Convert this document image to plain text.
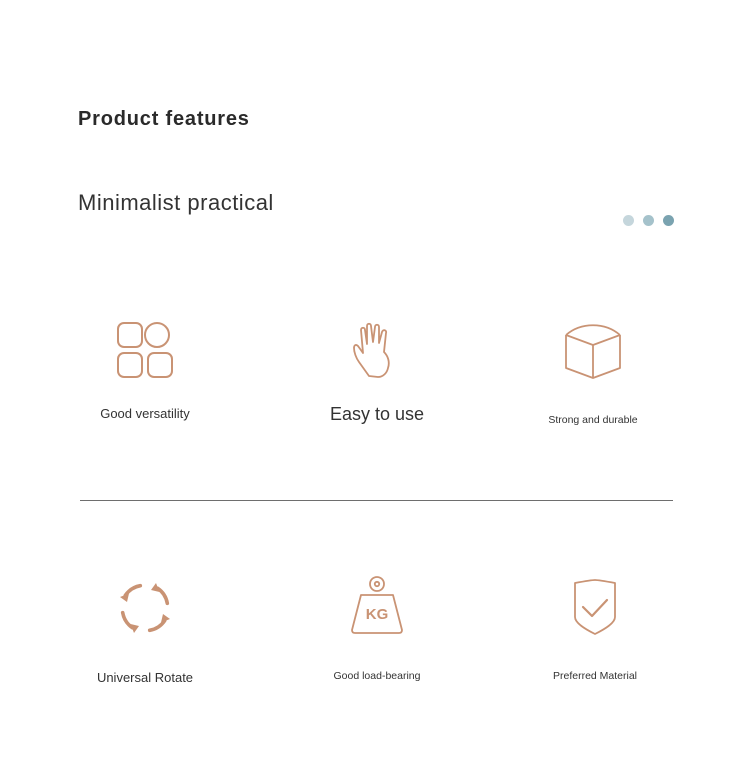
Product features
Minimalist practical
Good versatility	Easy to use	Strong and durable
Universal Rotate
KG
Good load-bearing	Preferred Material
